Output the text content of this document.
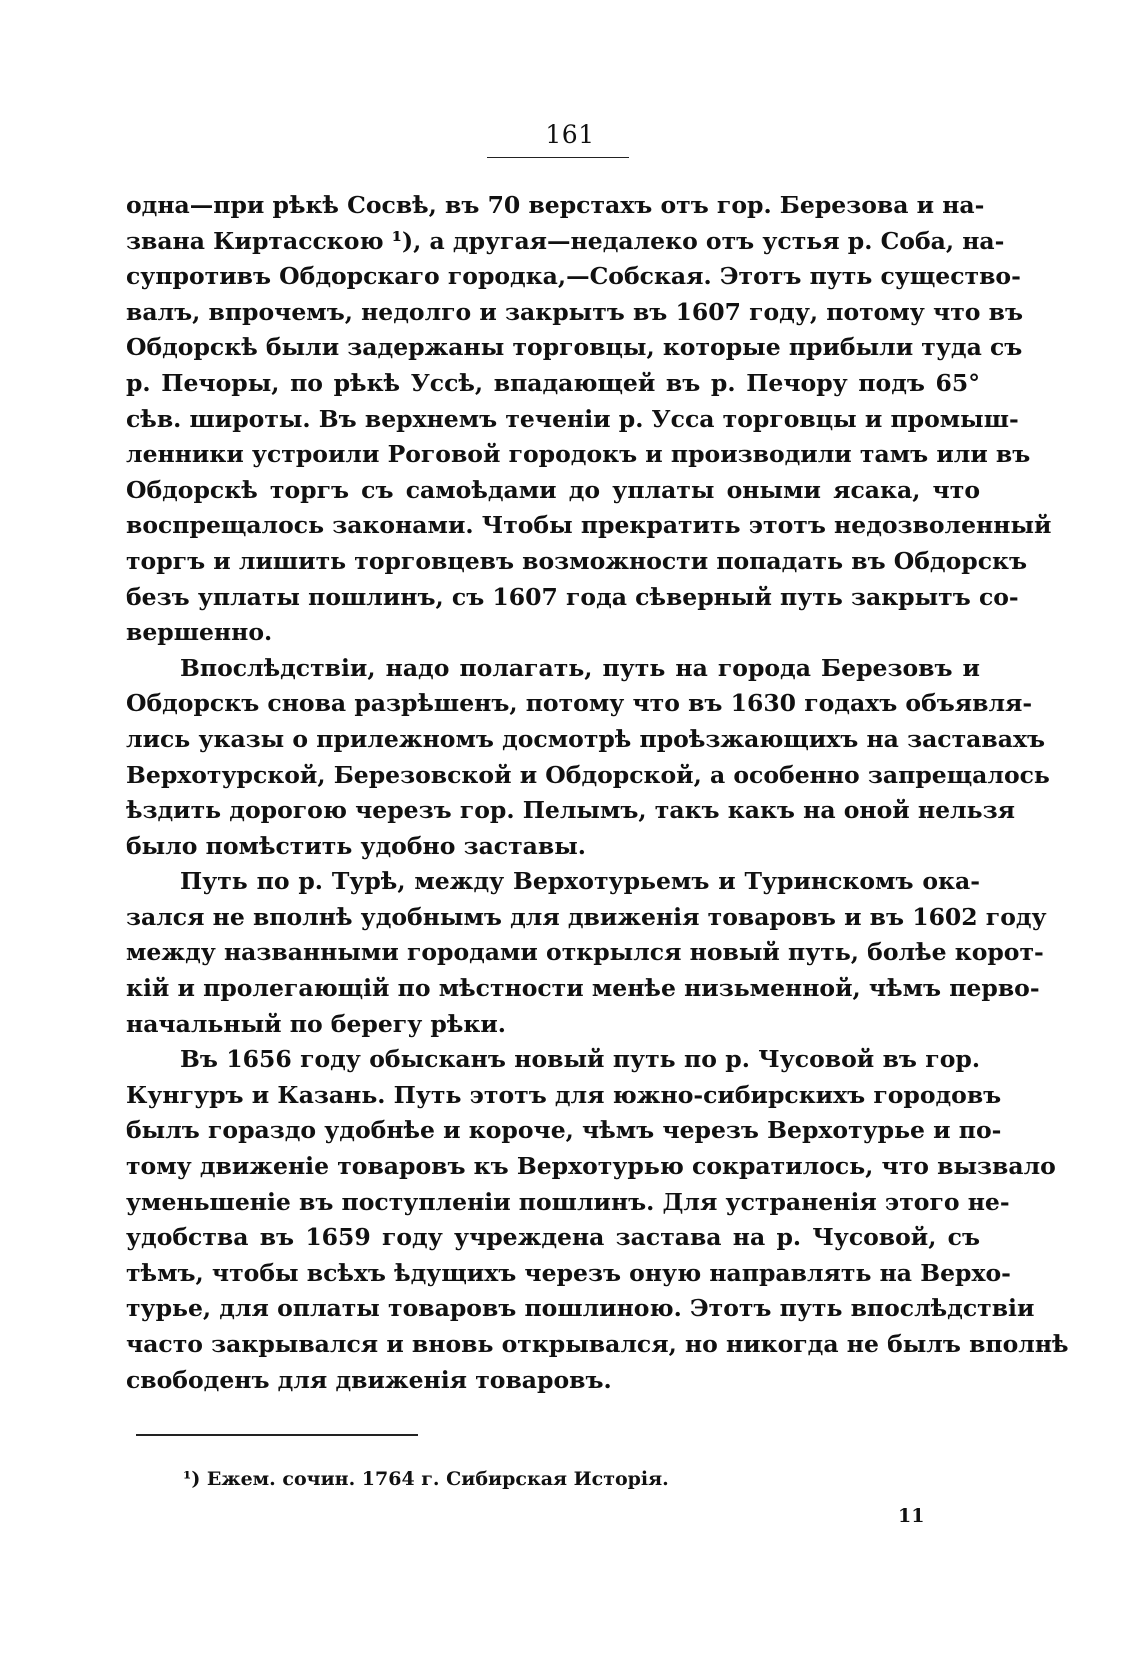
161
одна—при рѣкѣ Сосвѣ, въ 70 верстахъ отъ гор. Березова и на-
звана Киртасскою ¹), а другая—недалеко отъ устья р. Соба, на-
супротивъ Обдорскаго городка,—Собская. Этотъ путь существо-
валъ, впрочемъ, недолго и закрытъ въ 1607 году, потому что въ
Обдорскѣ были задержаны торговцы, которые прибыли туда съ
р. Печоры, по рѣкѣ Уссѣ, впадающей въ р. Печору подъ 65°
сѣв. широты. Въ верхнемъ теченіи р. Усса торговцы и промыш-
ленники устроили Роговой городокъ и производили тамъ или въ
Обдорскѣ торгъ съ самоѣдами до уплаты оными ясака, что
воспрещалось законами. Чтобы прекратить этотъ недозволенный
торгъ и лишить торговцевъ возможности попадать въ Обдорскъ
безъ уплаты пошлинъ, съ 1607 года сѣверный путь закрытъ со-
вершенно.
Впослѣдствіи, надо полагать, путь на города Березовъ и
Обдорскъ снова разрѣшенъ, потому что въ 1630 годахъ объявля-
лись указы о прилежномъ досмотрѣ проѣзжающихъ на заставахъ
Верхотурской, Березовской и Обдорской, а особенно запрещалось
ѣздить дорогою черезъ гор. Пелымъ, такъ какъ на оной нельзя
было помѣстить удобно заставы.
Путь по р. Турѣ, между Верхотурьемъ и Туринскомъ ока-
зался не вполнѣ удобнымъ для движенія товаровъ и въ 1602 году
между названными городами открылся новый путь, болѣе корот-
кій и пролегающій по мѣстности менѣе низьменной, чѣмъ перво-
начальный по берегу рѣки.
Въ 1656 году обысканъ новый путь по р. Чусовой въ гор.
Кунгуръ и Казань. Путь этотъ для южно-сибирскихъ городовъ
былъ гораздо удобнѣе и короче, чѣмъ черезъ Верхотурье и по-
тому движеніе товаровъ къ Верхотурью сократилось, что вызвало
уменьшеніе въ поступленіи пошлинъ. Для устраненія этого не-
удобства въ 1659 году учреждена застава на р. Чусовой, съ
тѣмъ, чтобы всѣхъ ѣдущихъ черезъ оную направлять на Верхо-
турье, для оплаты товаровъ пошлиною. Этотъ путь впослѣдствіи
часто закрывался и вновь открывался, но никогда не былъ вполнѣ
свободенъ для движенія товаровъ.
¹) Ежем. сочин. 1764 г. Сибирская Исторія.
11
